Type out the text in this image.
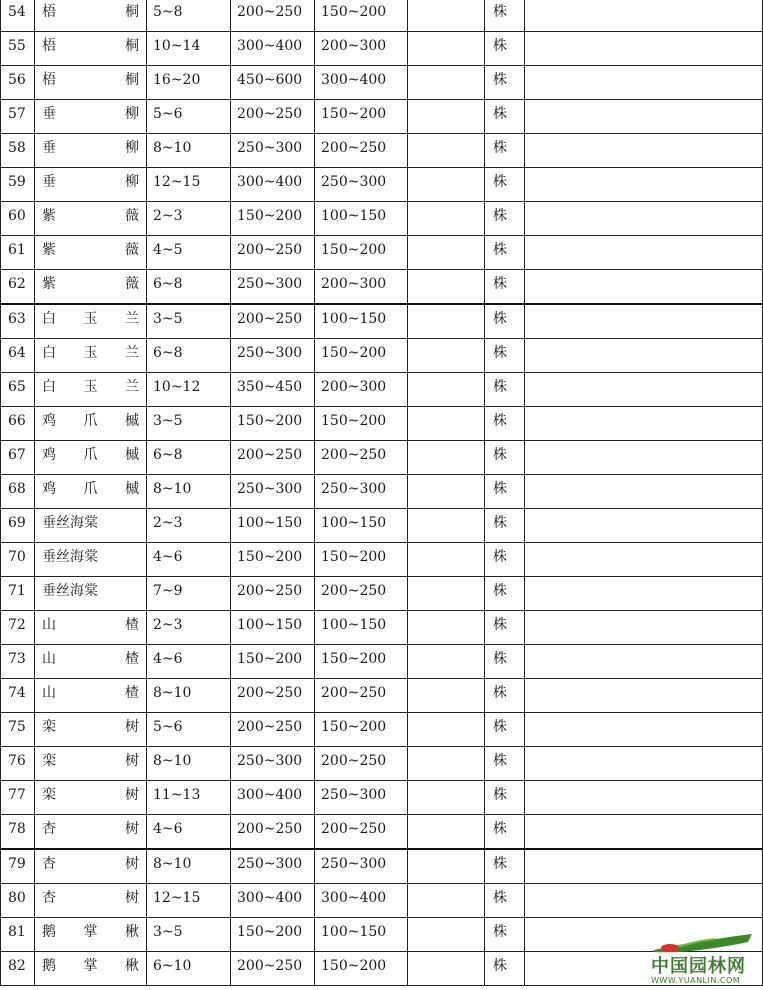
54	梧 桐	5~8	200~250	150~200		株	
55	梧 桐	10~14	300~400	200~300		株	
56	梧 桐	16~20	450~600	300~400		株	
57	垂 柳	5~6	200~250	150~200		株	
58	垂 柳	8~10	250~300	200~250		株	
59	垂 柳	12~15	300~400	250~300		株	
60	紫 薇	2~3	150~200	100~150		株	
61	紫 薇	4~5	200~250	150~200		株	
62	紫 薇	6~8	250~300	200~300		株	
63	白 玉 兰	3~5	200~250	100~150		株	
64	白 玉 兰	6~8	250~300	150~200		株	
65	白 玉 兰	10~12	350~450	200~300		株	
66	鸡 爪 槭	3~5	150~200	150~200		株	
67	鸡 爪 槭	6~8	200~250	200~250		株	
68	鸡 爪 槭	8~10	250~300	250~300		株	
69	垂丝海棠	2~3	100~150	100~150		株	
70	垂丝海棠	4~6	150~200	150~200		株	
71	垂丝海棠	7~9	200~250	200~250		株	
72	山 楂	2~3	100~150	100~150		株	
73	山 楂	4~6	150~200	150~200		株	
74	山 楂	8~10	200~250	200~250		株	
75	栾 树	5~6	200~250	150~200		株	
76	栾 树	8~10	250~300	200~250		株	
77	栾 树	11~13	300~400	250~300		株	
78	杏 树	4~6	200~250	200~250		株	
79	杏 树	8~10	250~300	250~300		株	
80	杏 树	12~15	300~400	300~400		株	
81	鹅 掌 楸	3~5	150~200	100~150		株	
82	鹅 掌 楸	6~10	200~250	150~200		株		中国园林网
WWW.YUANLIN.COM
